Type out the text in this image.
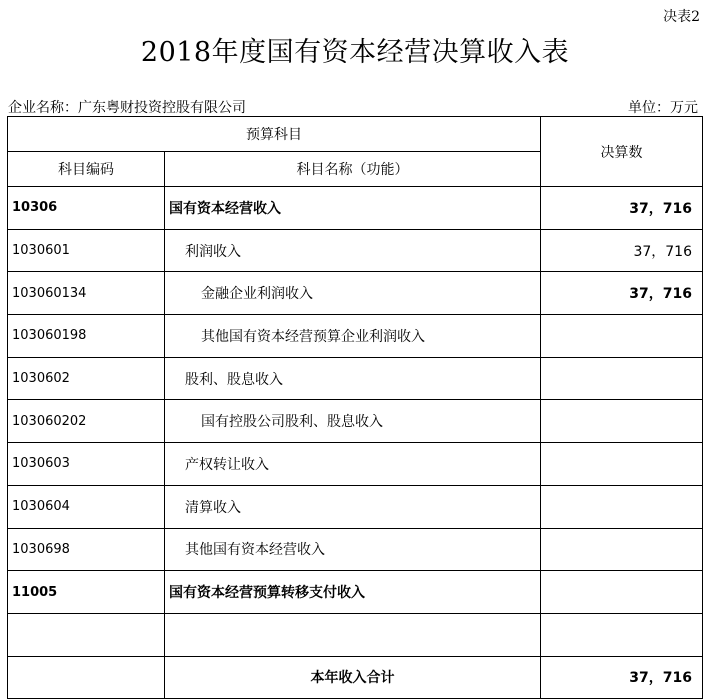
决表2
2018年度国有资本经营决算收入表
企业名称：广东粤财投资控股有限公司	单位：万元
预算科目		决算数
科目编码	科目名称（功能）	
10306	国有资本经营收入	37，716
1030601	利润收入	37，716
103060134	金融企业利润收入	37，716
103060198	其他国有资本经营预算企业利润收入	
1030602	股利、股息收入	
103060202	国有控股公司股利、股息收入	
1030603	产权转让收入	
1030604	清算收入	
1030698	其他国有资本经营收入	
11005	国有资本经营预算转移支付收入	

	本年收入合计	37，716
